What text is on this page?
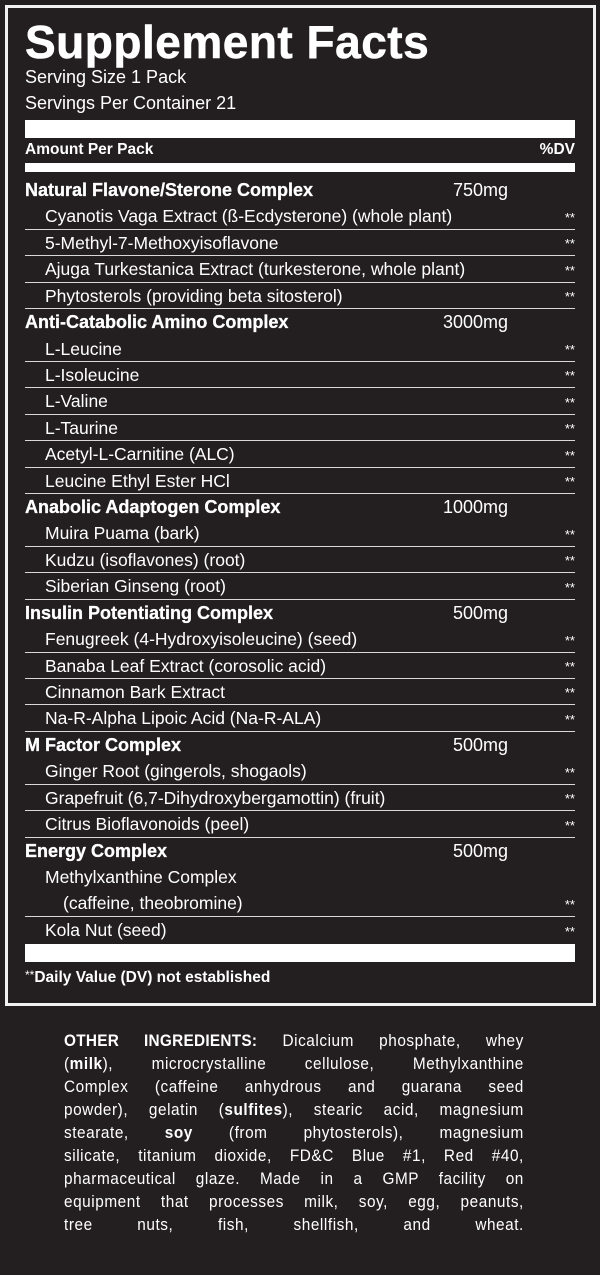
Supplement Facts
Serving Size 1 Pack
Servings Per Container 21
Amount Per Pack	%DV
Natural Flavone/Sterone Complex	750mg
Cyanotis Vaga Extract (ß-Ecdysterone) (whole plant)	**
5-Methyl-7-Methoxyisoflavone	**
Ajuga Turkestanica Extract (turkesterone, whole plant)	**
Phytosterols (providing beta sitosterol)	**
Anti-Catabolic Amino Complex	3000mg
L-Leucine	**
L-Isoleucine	**
L-Valine	**
L-Taurine	**
Acetyl-L-Carnitine (ALC)	**
Leucine Ethyl Ester HCl	**
Anabolic Adaptogen Complex	1000mg
Muira Puama (bark)	**
Kudzu (isoflavones) (root)	**
Siberian Ginseng (root)	**
Insulin Potentiating Complex	500mg
Fenugreek (4-Hydroxyisoleucine) (seed)	**
Banaba Leaf Extract (corosolic acid)	**
Cinnamon Bark Extract	**
Na-R-Alpha Lipoic Acid (Na-R-ALA)	**
M Factor Complex	500mg
Ginger Root (gingerols, shogaols)	**
Grapefruit (6,7-Dihydroxybergamottin) (fruit)	**
Citrus Bioflavonoids (peel)	**
Energy Complex	500mg
Methylxanthine Complex
(caffeine, theobromine)	**
Kola Nut (seed)	**
**Daily Value (DV) not established
OTHER INGREDIENTS: Dicalcium phosphate, whey
(milk), microcrystalline cellulose, Methylxanthine
Complex (caffeine anhydrous and guarana seed
powder), gelatin (sulfites), stearic acid, magnesium
stearate, soy (from phytosterols), magnesium
silicate, titanium dioxide, FD&C Blue #1, Red #40,
pharmaceutical glaze. Made in a GMP facility on
equipment that processes milk, soy, egg, peanuts,
tree nuts, fish, shellfish, and wheat.
